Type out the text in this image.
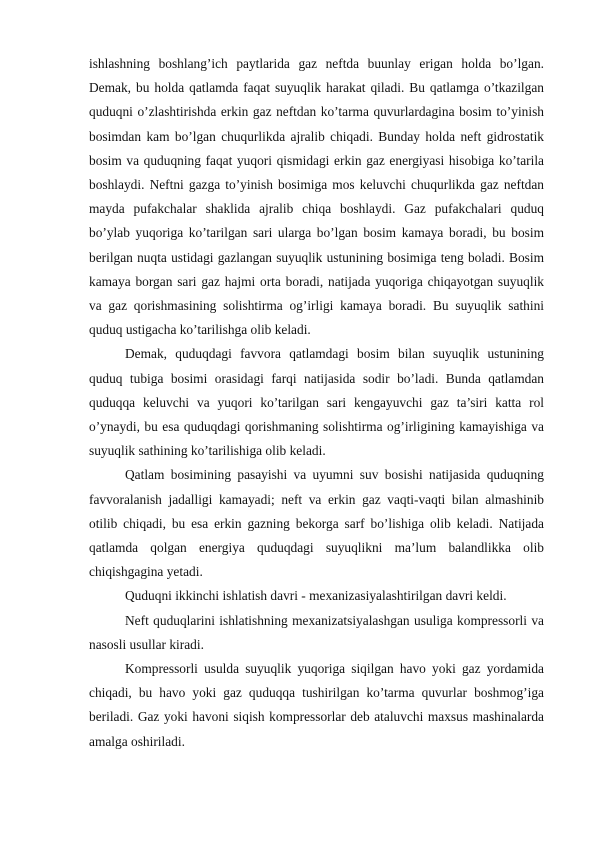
ishlashning boshlang’ich paytlarida gaz neftda buunlay erigan holda bo’lgan. Demak, bu holda qatlamda faqat suyuqlik harakat qiladi. Bu qatlamga o’tkazilgan quduqni o’zlashtirishda erkin gaz neftdan ko’tarma quvurlardagina bosim to’yinish bosimdan kam bo’lgan chuqurlikda ajralib chiqadi. Bunday holda neft gidrostatik bosim va quduqning faqat yuqori qismidagi erkin gaz energiyasi hisobiga ko’tarila boshlaydi. Neftni gazga to’yinish bosimiga mos keluvchi chuqurlikda gaz neftdan mayda pufakchalar shaklida ajralib chiqa boshlaydi. Gaz pufakchalari quduq bo’ylab yuqoriga ko’tarilgan sari ularga bo’lgan bosim kamaya boradi, bu bosim berilgan nuqta ustidagi gazlangan suyuqlik ustunining bosimiga teng boladi. Bosim kamaya borgan sari gaz hajmi orta boradi, natijada yuqoriga chiqayotgan suyuqlik va gaz qorishmasining solishtirma og’irligi kamaya boradi. Bu suyuqlik sathini quduq ustigacha ko’tarilishga olib keladi.

Demak, quduqdagi favvora qatlamdagi bosim bilan suyuqlik ustunining quduq tubiga bosimi orasidagi farqi natijasida sodir bo’ladi. Bunda qatlamdan quduqqa keluvchi va yuqori ko’tarilgan sari kengayuvchi gaz ta’siri katta rol o’ynaydi, bu esa quduqdagi qorishmaning solishtirma og’irligining kamayishiga va suyuqlik sathining ko’tarilishiga olib keladi.

Qatlam bosimining pasayishi va uyumni suv bosishi natijasida quduqning favvoralanish jadalligi kamayadi; neft va erkin gaz vaqti-vaqti bilan almashinib otilib chiqadi, bu esa erkin gazning bekorga sarf bo’lishiga olib keladi. Natijada qatlamda qolgan energiya quduqdagi suyuqlikni ma’lum balandlikka olib chiqishgagina yetadi.

Quduqni ikkinchi ishlatish davri - mexanizasiyalashtirilgan davri keldi.

Neft quduqlarini ishlatishning mexanizatsiyalashgan usuliga kompressorli va nasosli usullar kiradi.

Kompressorli usulda suyuqlik yuqoriga siqilgan havo yoki gaz yordamida chiqadi, bu havo yoki gaz quduqqa tushirilgan ko’tarma quvurlar boshmog’iga beriladi. Gaz yoki havoni siqish kompressorlar deb ataluvchi maxsus mashinalarda amalga oshiriladi.
